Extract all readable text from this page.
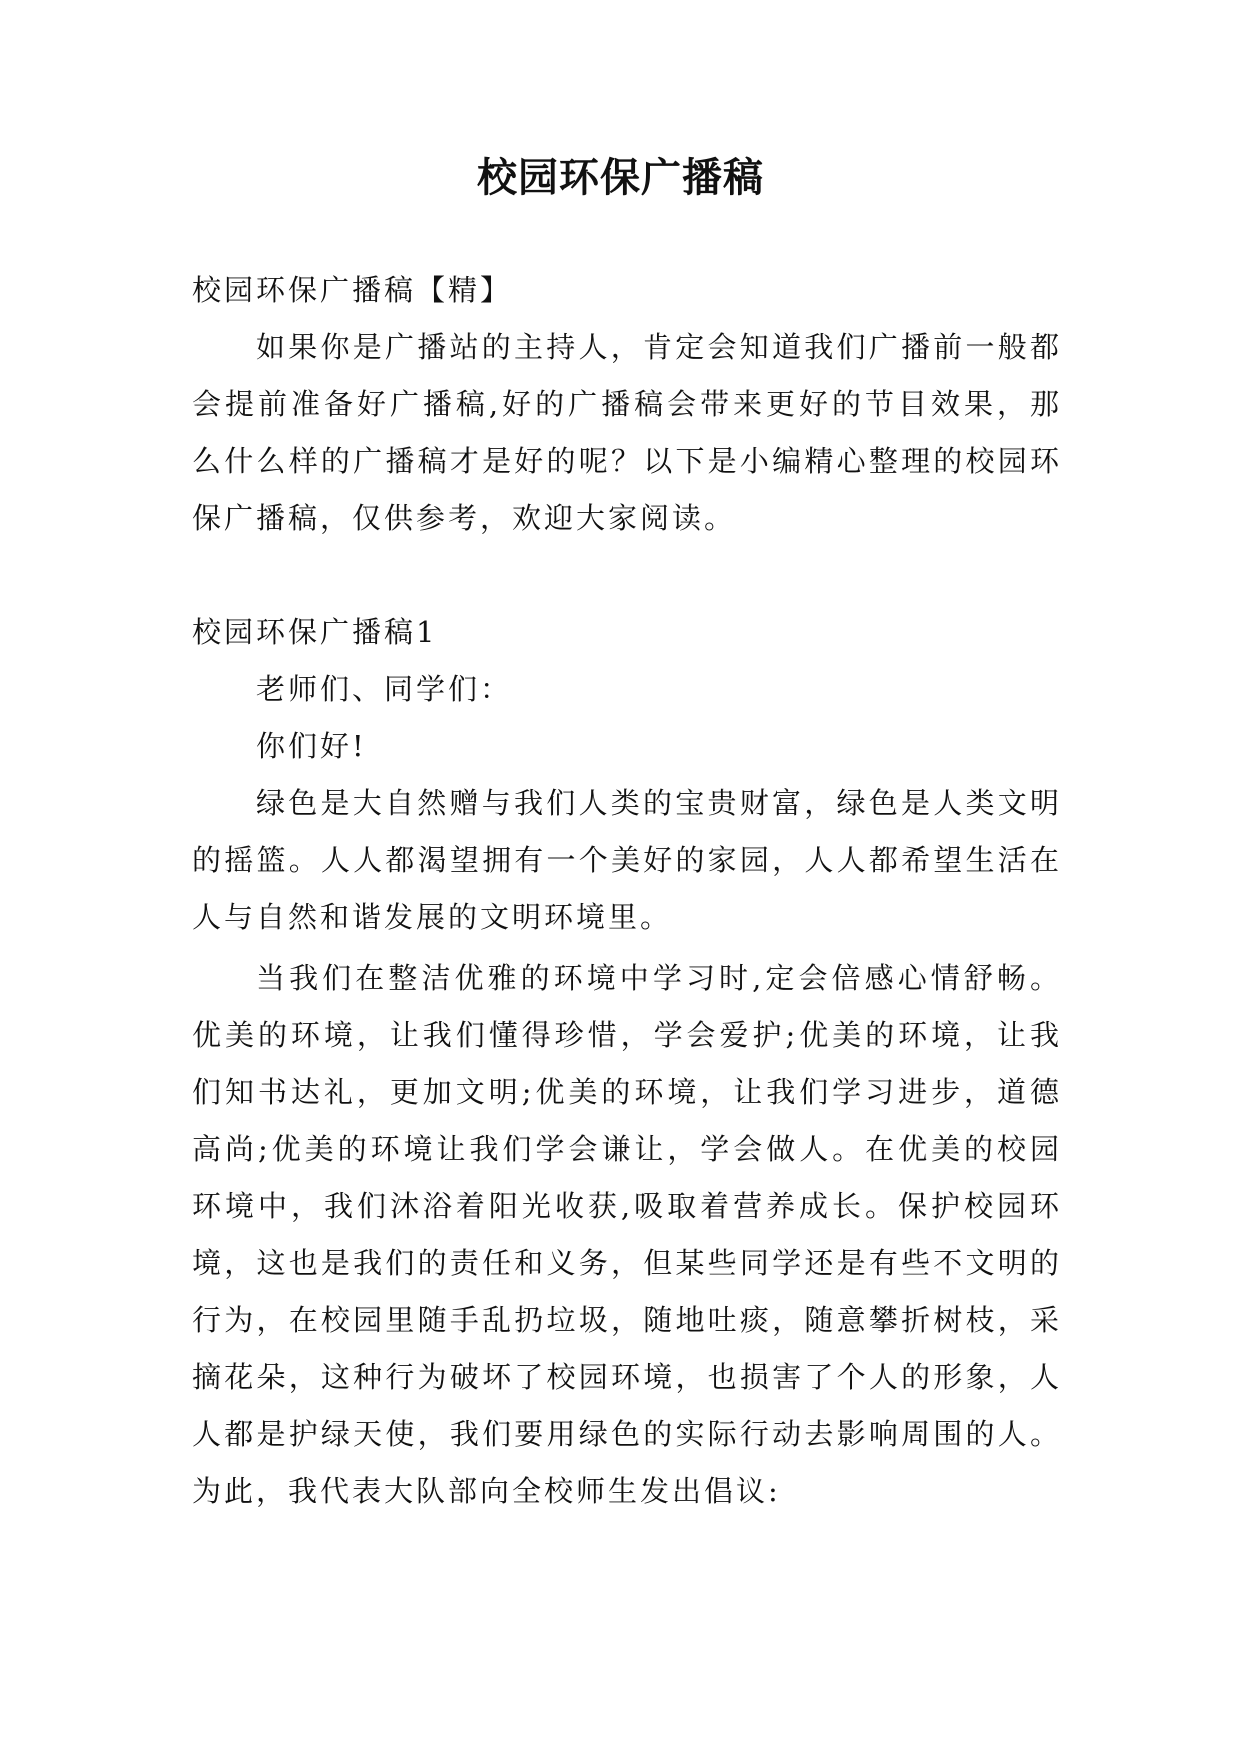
校园环保广播稿

校园环保广播稿【精】

如果你是广播站的主持人，肯定会知道我们广播前一般都会提前准备好广播稿,好的广播稿会带来更好的节目效果，那么什么样的广播稿才是好的呢？以下是小编精心整理的校园环保广播稿，仅供参考，欢迎大家阅读。

校园环保广播稿1

老师们、同学们：

你们好!

绿色是大自然赠与我们人类的宝贵财富，绿色是人类文明的摇篮。人人都渴望拥有一个美好的家园，人人都希望生活在人与自然和谐发展的文明环境里。

当我们在整洁优雅的环境中学习时,定会倍感心情舒畅。优美的环境，让我们懂得珍惜，学会爱护;优美的环境，让我们知书达礼，更加文明;优美的环境，让我们学习进步，道德高尚;优美的环境让我们学会谦让，学会做人。在优美的校园环境中，我们沐浴着阳光收获,吸取着营养成长。保护校园环境，这也是我们的责任和义务，但某些同学还是有些不文明的行为，在校园里随手乱扔垃圾，随地吐痰，随意攀折树枝，采摘花朵，这种行为破坏了校园环境，也损害了个人的形象，人人都是护绿天使，我们要用绿色的实际行动去影响周围的人。为此，我代表大队部向全校师生发出倡议:
